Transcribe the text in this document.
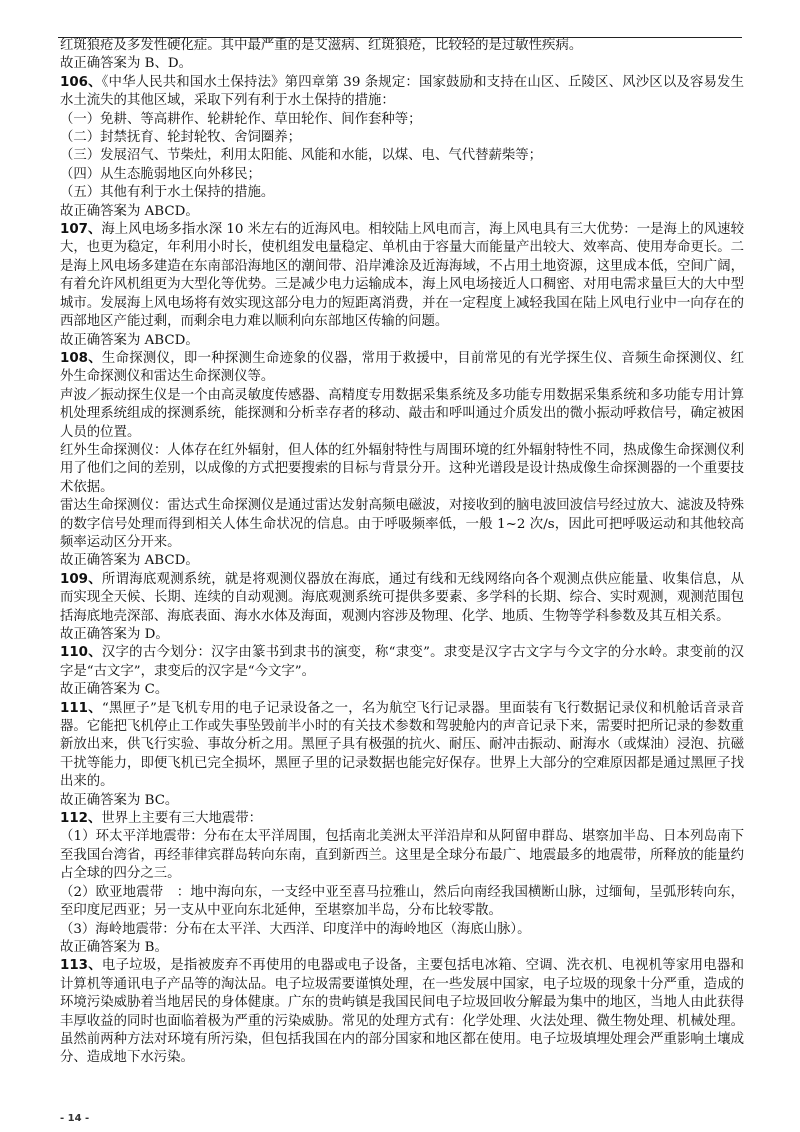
红斑狼疮及多发性硬化症。其中最严重的是艾滋病、红斑狼疮，比较轻的是过敏性疾病。

故正确答案为 B、D。

106、《中华人民共和国水土保持法》第四章第 39 条规定：国家鼓励和支持在山区、丘陵区、风沙区以及容易发生水土流失的其他区域，采取下列有利于水土保持的措施：

（一）免耕、等高耕作、轮耕轮作、草田轮作、间作套种等；

（二）封禁抚育、轮封轮牧、舍饲圈养；

（三）发展沼气、节柴灶，利用太阳能、风能和水能，以煤、电、气代替薪柴等；

（四）从生态脆弱地区向外移民；

（五）其他有利于水土保持的措施。

故正确答案为 ABCD。

107、海上风电场多指水深 10 米左右的近海风电。相较陆上风电而言，海上风电具有三大优势：一是海上的风速较大，也更为稳定，年利用小时长，使机组发电量稳定、单机由于容量大而能量产出较大、效率高、使用寿命更长。二是海上风电场多建造在东南部沿海地区的潮间带、沿岸滩涂及近海海域，不占用土地资源，这里成本低，空间广阔，有着允许风机组更为大型化等优势。三是减少电力运输成本，海上风电场接近人口稠密、对用电需求量巨大的大中型城市。发展海上风电场将有效实现这部分电力的短距离消费，并在一定程度上减轻我国在陆上风电行业中一向存在的西部地区产能过剩，而剩余电力难以顺利向东部地区传输的问题。

故正确答案为 ABCD。

108、生命探测仪，即一种探测生命迹象的仪器，常用于救援中，目前常见的有光学探生仪、音频生命探测仪、红外生命探测仪和雷达生命探测仪等。

声波／振动探生仪是一个由高灵敏度传感器、高精度专用数据采集系统及多功能专用数据采集系统和多功能专用计算机处理系统组成的探测系统，能探测和分析幸存者的移动、敲击和呼叫通过介质发出的微小振动呼救信号，确定被困人员的位置。

红外生命探测仪：人体存在红外辐射，但人体的红外辐射特性与周围环境的红外辐射特性不同，热成像生命探测仪利用了他们之间的差别，以成像的方式把要搜索的目标与背景分开。这种光谱段是设计热成像生命探测器的一个重要技术依据。

雷达生命探测仪：雷达式生命探测仪是通过雷达发射高频电磁波，对接收到的脑电波回波信号经过放大、滤波及特殊的数字信号处理而得到相关人体生命状况的信息。由于呼吸频率低，一般 1~2 次/s，因此可把呼吸运动和其他较高频率运动区分开来。

故正确答案为 ABCD。

109、所谓海底观测系统，就是将观测仪器放在海底，通过有线和无线网络向各个观测点供应能量、收集信息，从而实现全天候、长期、连续的自动观测。海底观测系统可提供多要素、多学科的长期、综合、实时观测，观测范围包括海底地壳深部、海底表面、海水水体及海面，观测内容涉及物理、化学、地质、生物等学科参数及其互相关系。

故正确答案为 D。

110、汉字的古今划分：汉字由篆书到隶书的演变，称“隶变”。隶变是汉字古文字与今文字的分水岭。隶变前的汉字是“古文字”，隶变后的汉字是“今文字”。

故正确答案为 C。

111、“黑匣子”是飞机专用的电子记录设备之一，名为航空飞行记录器。里面装有飞行数据记录仪和机舱话音录音器。它能把飞机停止工作或失事坠毁前半小时的有关技术参数和驾驶舱内的声音记录下来，需要时把所记录的参数重新放出来，供飞行实验、事故分析之用。黑匣子具有极强的抗火、耐压、耐冲击振动、耐海水（或煤油）浸泡、抗磁干扰等能力，即便飞机已完全损坏，黑匣子里的记录数据也能完好保存。世界上大部分的空难原因都是通过黑匣子找出来的。

故正确答案为 BC。

112、世界上主要有三大地震带：

（1）环太平洋地震带：分布在太平洋周围，包括南北美洲太平洋沿岸和从阿留申群岛、堪察加半岛、日本列岛南下至我国台湾省，再经菲律宾群岛转向东南，直到新西兰。这里是全球分布最广、地震最多的地震带，所释放的能量约占全球的四分之三。

（2）欧亚地震带　：地中海向东，一支经中亚至喜马拉雅山，然后向南经我国横断山脉，过缅甸，呈弧形转向东，至印度尼西亚；另一支从中亚向东北延伸，至堪察加半岛，分布比较零散。

（3）海岭地震带：分布在太平洋、大西洋、印度洋中的海岭地区（海底山脉）。

故正确答案为 B。

113、电子垃圾，是指被废弃不再使用的电器或电子设备，主要包括电冰箱、空调、洗衣机、电视机等家用电器和计算机等通讯电子产品等的淘汰品。电子垃圾需要谨慎处理，在一些发展中国家，电子垃圾的现象十分严重，造成的环境污染威胁着当地居民的身体健康。广东的贵屿镇是我国民间电子垃圾回收分解最为集中的地区，当地人由此获得丰厚收益的同时也面临着极为严重的污染威胁。常见的处理方式有：化学处理、火法处理、微生物处理、机械处理。虽然前两种方法对环境有所污染，但包括我国在内的部分国家和地区都在使用。电子垃圾填埋处理会严重影响土壤成分、造成地下水污染。

- 14 -
